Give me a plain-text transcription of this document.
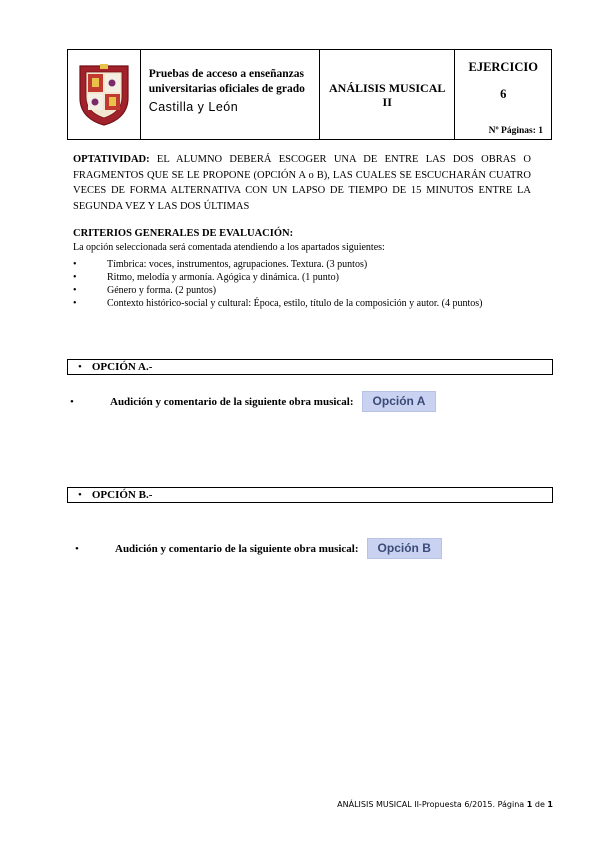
Pruebas de acceso a enseñanzas
universitarias oficiales de grado
Castilla y León
ANÁLISIS MUSICAL
II
EJERCICIO
6
Nº Páginas: 1
OPTATIVIDAD: EL ALUMNO DEBERÁ ESCOGER UNA DE ENTRE LAS DOS OBRAS O FRAGMENTOS QUE SE LE PROPONE (OPCIÓN A o B), LAS CUALES SE ESCUCHARÁN CUATRO VECES DE FORMA ALTERNATIVA CON UN LAPSO DE TIEMPO DE 15 MINUTOS ENTRE LA SEGUNDA VEZ Y LAS DOS ÚLTIMAS
CRITERIOS GENERALES DE EVALUACIÓN:
La opción seleccionada será comentada atendiendo a los apartados siguientes:
•	Tímbrica: voces, instrumentos, agrupaciones. Textura. (3 puntos)
•	Ritmo, melodía y armonía. Agógica y dinámica. (1 punto)
•	Género y forma. (2 puntos)
•	Contexto histórico-social y cultural: Época, estilo, título de la composición y autor. (4 puntos)
• OPCIÓN A.-
•	Audición y comentario de la siguiente obra musical:	Opción A
• OPCIÓN B.-
•	Audición y comentario de la siguiente obra musical:	Opción B
ANÁLISIS MUSICAL II-Propuesta 6/2015. Página 1 de 1
